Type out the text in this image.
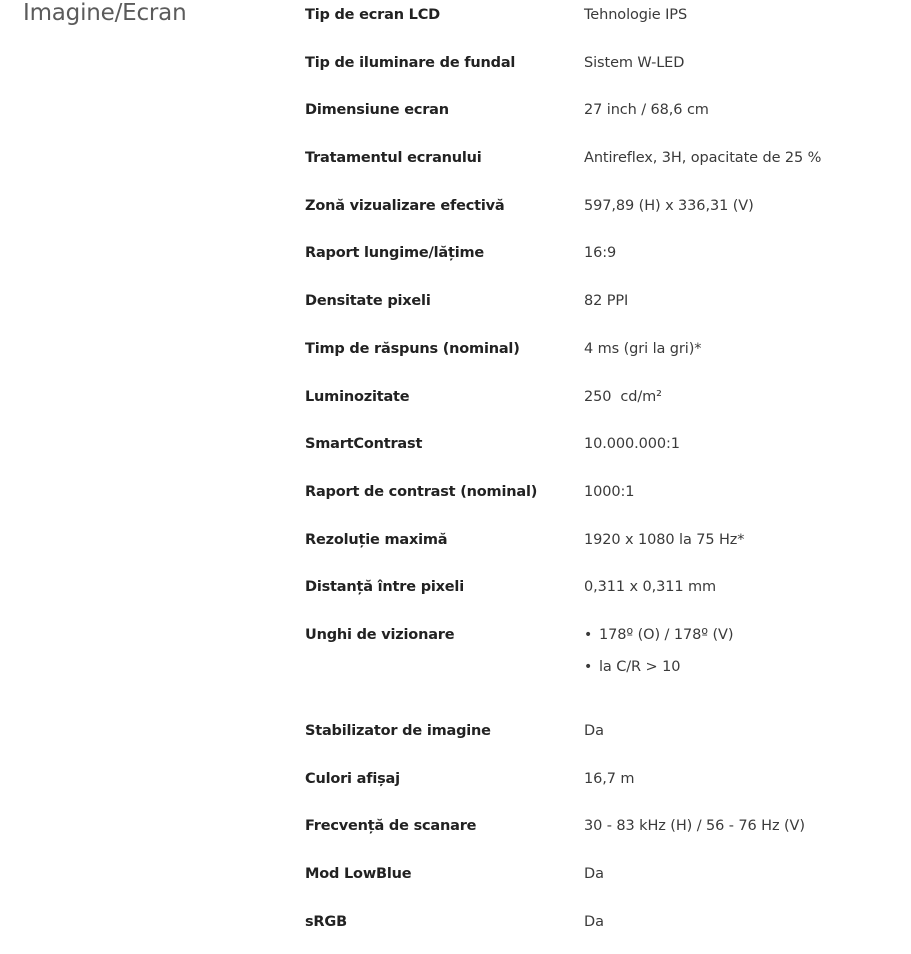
Imagine/Ecran	Tip de ecran LCD	Tehnologie IPS
Tip de iluminare de fundal	Sistem W-LED
Dimensiune ecran	27 inch / 68,6 cm
Tratamentul ecranului	Antireflex, 3H, opacitate de 25 %
Zonă vizualizare efectivă	597,89 (H) x 336,31 (V)
Raport lungime/lățime	16:9
Densitate pixeli	82 PPI
Timp de răspuns (nominal)	4 ms (gri la gri)*
Luminozitate	250  cd/m²
SmartContrast	10.000.000:1
Raport de contrast (nominal)	1000:1
Rezoluție maximă	1920 x 1080 la 75 Hz*
Distanță între pixeli	0,311 x 0,311 mm
Unghi de vizionare	• 178º (O) / 178º (V)
• la C/R > 10
Stabilizator de imagine	Da
Culori afișaj	16,7 m
Frecvență de scanare	30 - 83 kHz (H) / 56 - 76 Hz (V)
Mod LowBlue	Da
sRGB	Da
